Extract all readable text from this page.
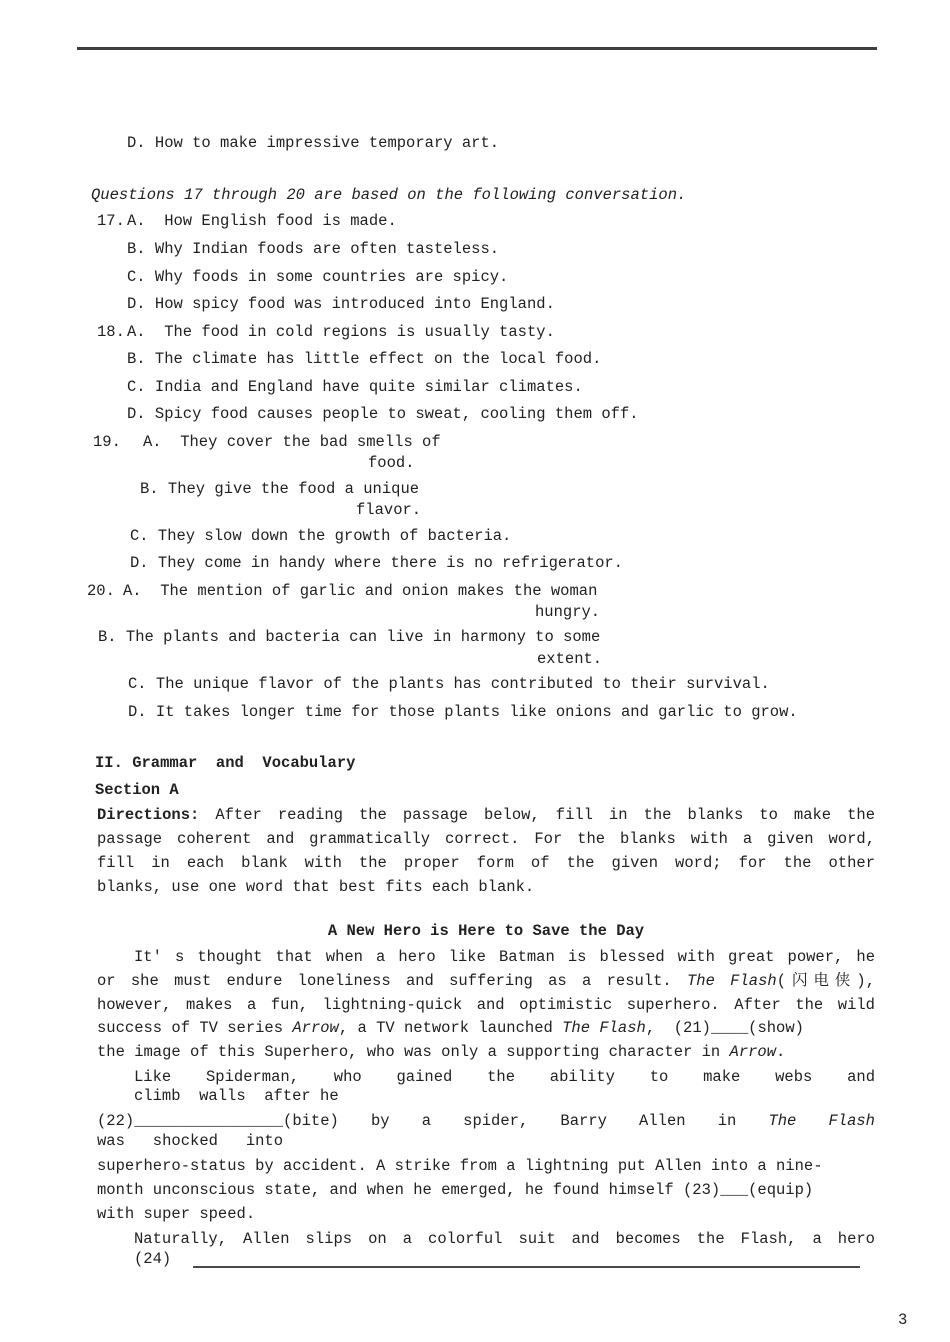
D. How to make impressive temporary art.
Questions 17 through 20 are based on the following conversation.
17. A.  How English food is made.
B. Why Indian foods are often tasteless.
C. Why foods in some countries are spicy.
D. How spicy food was introduced into England.
18. A.  The food in cold regions is usually tasty.
B. The climate has little effect on the local food.
C. India and England have quite similar climates.
D. Spicy food causes people to sweat, cooling them off.
19. A.  They cover the bad smells of
food.
B. They give the food a unique
flavor.
C. They slow down the growth of bacteria.
D. They come in handy where there is no refrigerator.
20. A.  The mention of garlic and onion makes the woman
hungry.
B. The plants and bacteria can live in harmony to some
extent.
C. The unique flavor of the plants has contributed to their survival.
D. It takes longer time for those plants like onions and garlic to grow.
II. Grammar  and  Vocabulary
Section A
Directions: After reading the passage below, fill in the blanks to make the
passage coherent and grammatically correct. For the blanks with a given word,
fill in each blank with the proper form of the given word; for the other
blanks, use one word that best fits each blank.
A New Hero is Here to Save the Day
It' s thought that when a hero like Batman is blessed with great power, he
or she must endure loneliness and suffering as a result. The Flash(闪电侠),
however, makes a fun, lightning-quick and optimistic superhero. After the wild
success of TV series Arrow, a TV network launched The Flash,  (21)____(show)
the image of this Superhero, who was only a supporting character in Arrow.
Like Spiderman, who gained the ability to make webs and
climb  walls  after he
(22)________________(bite) by a spider, Barry Allen in The Flash
was   shocked   into
superhero-status by accident. A strike from a lightning put Allen into a nine-
month unconscious state, and when he emerged, he found himself (23)___(equip)
with super speed.
Naturally, Allen slips on a colorful suit and becomes the Flash, a hero
(24)
3
